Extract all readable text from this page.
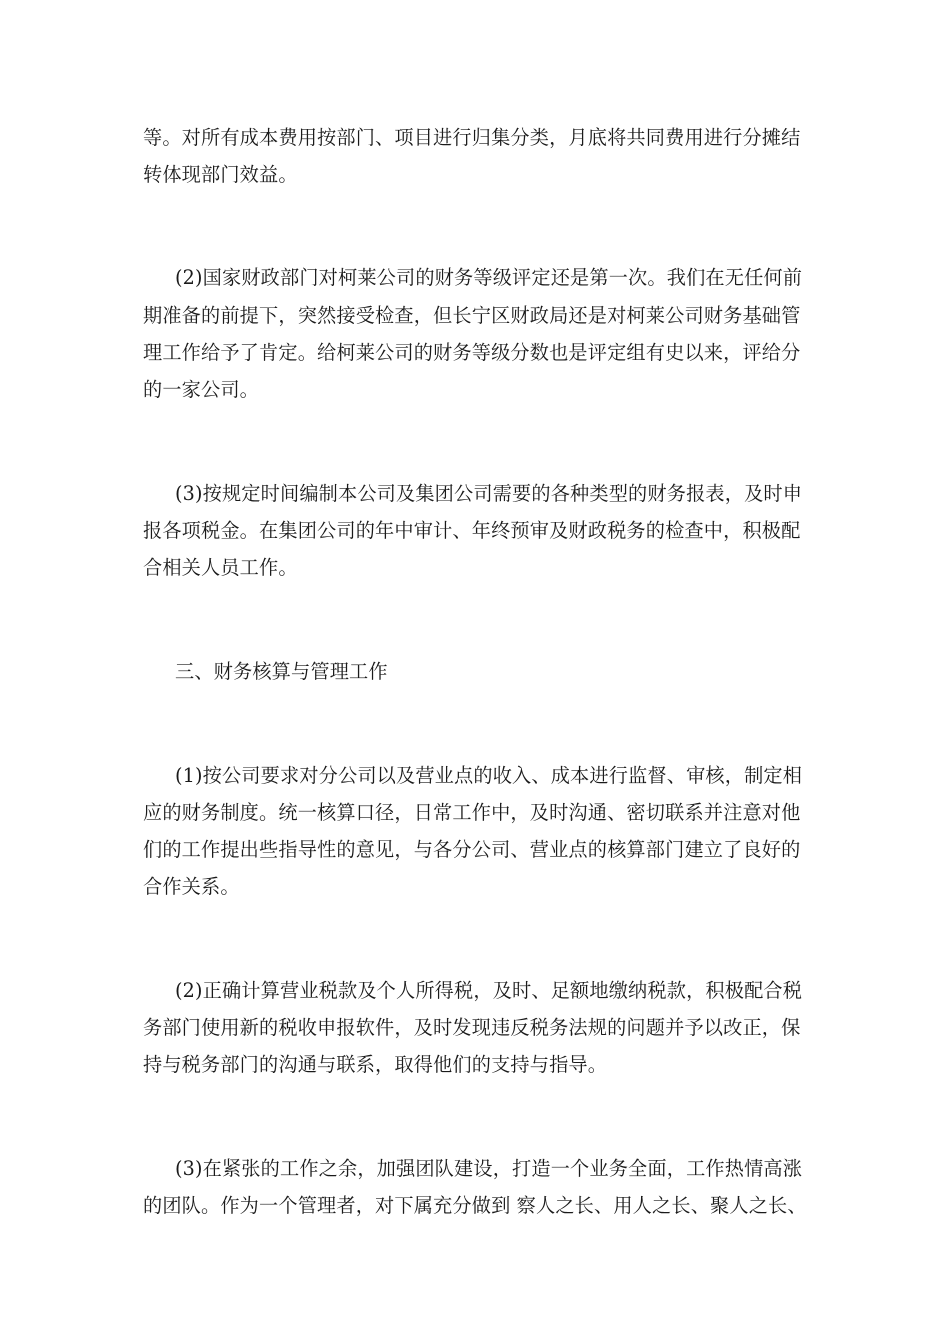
等。对所有成本费用按部门、项目进行归集分类，月底将共同费用进行分摊结
转体现部门效益。
(2)国家财政部门对柯莱公司的财务等级评定还是第一次。我们在无任何前
期准备的前提下，突然接受检查，但长宁区财政局还是对柯莱公司财务基础管
理工作给予了肯定。给柯莱公司的财务等级分数也是评定组有史以来，评给分
的一家公司。
(3)按规定时间编制本公司及集团公司需要的各种类型的财务报表，及时申
报各项税金。在集团公司的年中审计、年终预审及财政税务的检查中，积极配
合相关人员工作。
三、财务核算与管理工作
(1)按公司要求对分公司以及营业点的收入、成本进行监督、审核，制定相
应的财务制度。统一核算口径，日常工作中，及时沟通、密切联系并注意对他
们的工作提出些指导性的意见，与各分公司、营业点的核算部门建立了良好的
合作关系。
(2)正确计算营业税款及个人所得税，及时、足额地缴纳税款，积极配合税
务部门使用新的税收申报软件，及时发现违反税务法规的问题并予以改正，保
持与税务部门的沟通与联系，取得他们的支持与指导。
(3)在紧张的工作之余，加强团队建设，打造一个业务全面，工作热情高涨
的团队。作为一个管理者，对下属充分做到 察人之长、用人之长、聚人之长、
